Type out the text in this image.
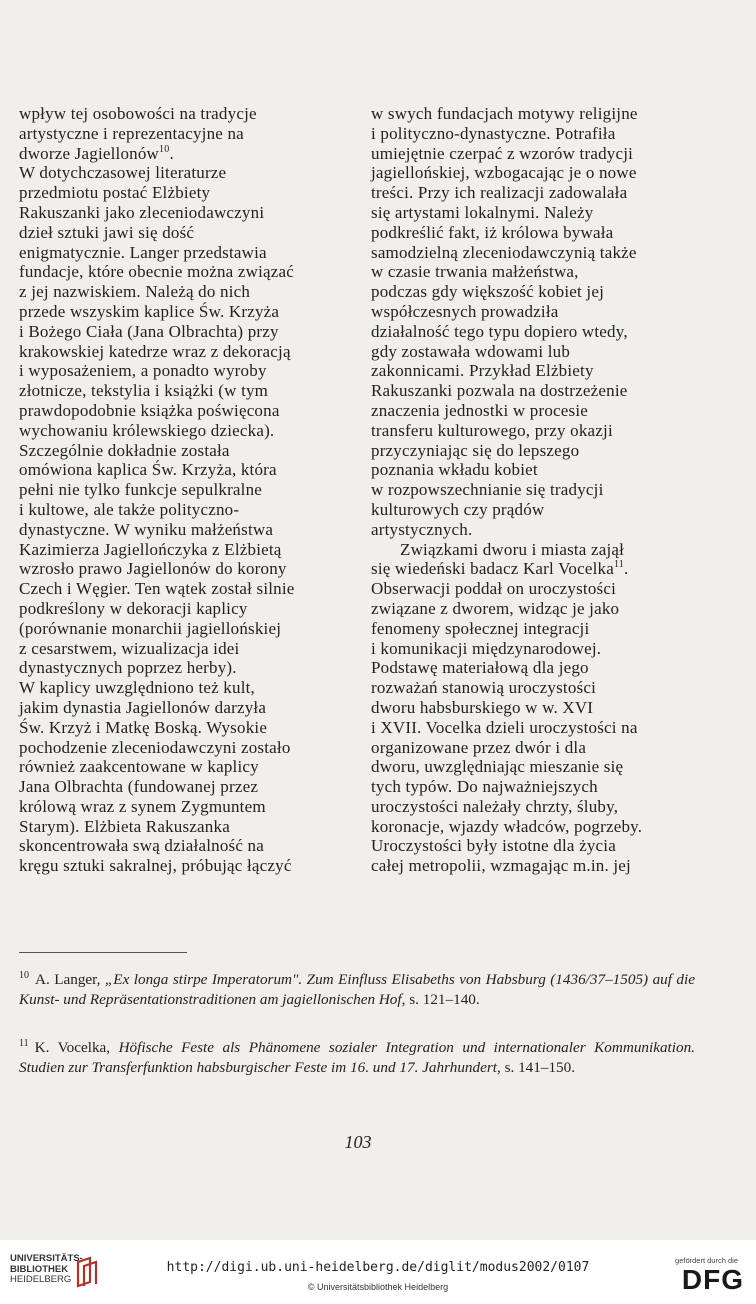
wpływ tej osobowości na tradycje
artystyczne i reprezentacyjne na
dworze Jagiellonów$^{10}$.
W dotychczasowej literaturze
przedmiotu postać Elżbiety
Rakuszanki jako zleceniodawczyni
dzieł sztuki jawi się dość
enigmatycznie. Langer przedstawia
fundacje, które obecnie można związać
z jej nazwiskiem. Należą do nich
przede wszyskim kaplice Św. Krzyża
i Bożego Ciała (Jana Olbrachta) przy
krakowskiej katedrze wraz z dekoracją
i wyposażeniem, a ponadto wyroby
złotnicze, tekstylia i książki (w tym
prawdopodobnie książka poświęcona
wychowaniu królewskiego dziecka).
Szczególnie dokładnie została
omówiona kaplica Św. Krzyża, która
pełni nie tylko funkcje sepulkralne
i kultowe, ale także polityczno-
dynastyczne. W wyniku małżeństwa
Kazimierza Jagiellończyka z Elżbietą
wzrosło prawo Jagiellonów do korony
Czech i Węgier. Ten wątek został silnie
podkreślony w dekoracji kaplicy
(porównanie monarchii jagiellońskiej
z cesarstwem, wizualizacja idei
dynastycznych poprzez herby).
W kaplicy uwzględniono też kult,
jakim dynastia Jagiellonów darzyła
Św. Krzyż i Matkę Boską. Wysokie
pochodzenie zleceniodawczyni zostało
również zaakcentowane w kaplicy
Jana Olbrachta (fundowanej przez
królową wraz z synem Zygmuntem
Starym). Elżbieta Rakuszanka
skoncentrowała swą działalność na
kręgu sztuki sakralnej, próbując łączyć
w swych fundacjach motywy religijne
i polityczno-dynastyczne. Potrafiła
umiejętnie czerpać z wzorów tradycji
jagiellońskiej, wzbogacając je o nowe
treści. Przy ich realizacji zadowalała
się artystami lokalnymi. Należy
podkreślić fakt, iż królowa bywała
samodzielną zleceniodawczynią także
w czasie trwania małżeństwa,
podczas gdy większość kobiet jej
współczesnych prowadziła
działalność tego typu dopiero wtedy,
gdy zostawała wdowami lub
zakonnicami. Przykład Elżbiety
Rakuszanki pozwala na dostrzeżenie
znaczenia jednostki w procesie
transferu kulturowego, przy okazji
przyczyniając się do lepszego
poznania wkładu kobiet
w rozpowszechnianie się tradycji
kulturowych czy prądów
artystycznych.
Związkami dworu i miasta zajął
się wiedeński badacz Karl Vocelka$^{11}$.
Obserwacji poddał on uroczystości
związane z dworem, widząc je jako
fenomeny społecznej integracji
i komunikacji międzynarodowej.
Podstawę materiałową dla jego
rozważań stanowią uroczystości
dworu habsburskiego w w. XVI
i XVII. Vocelka dzieli uroczystości na
organizowane przez dwór i dla
dworu, uwzględniając mieszanie się
tych typów. Do najważniejszych
uroczystości należały chrzty, śluby,
koronacje, wjazdy władców, pogrzeby.
Uroczystości były istotne dla życia
całej metropolii, wzmagając m.in. jej
$^{10}$ A. Langer, „Ex longa stirpe Imperatorum". Zum Einfluss Elisabeths von Habsburg (1436/37–1505) auf die Kunst- und Repräsentationstraditionen am jagiellonischen Hof, s. 121–140.
$^{11}$ K. Vocelka, Höfische Feste als Phänomene sozialer Integration und internationaler Kommunikation. Studien zur Transferfunktion habsburgischer Feste im 16. und 17. Jahrhundert, s. 141–150.
103
UNIVERSITÄTS-
BIBLIOTHEK
HEIDELBERG
http://digi.ub.uni-heidelberg.de/diglit/modus2002/0107
© Universitätsbibliothek Heidelberg
gefördert durch die
DFG
